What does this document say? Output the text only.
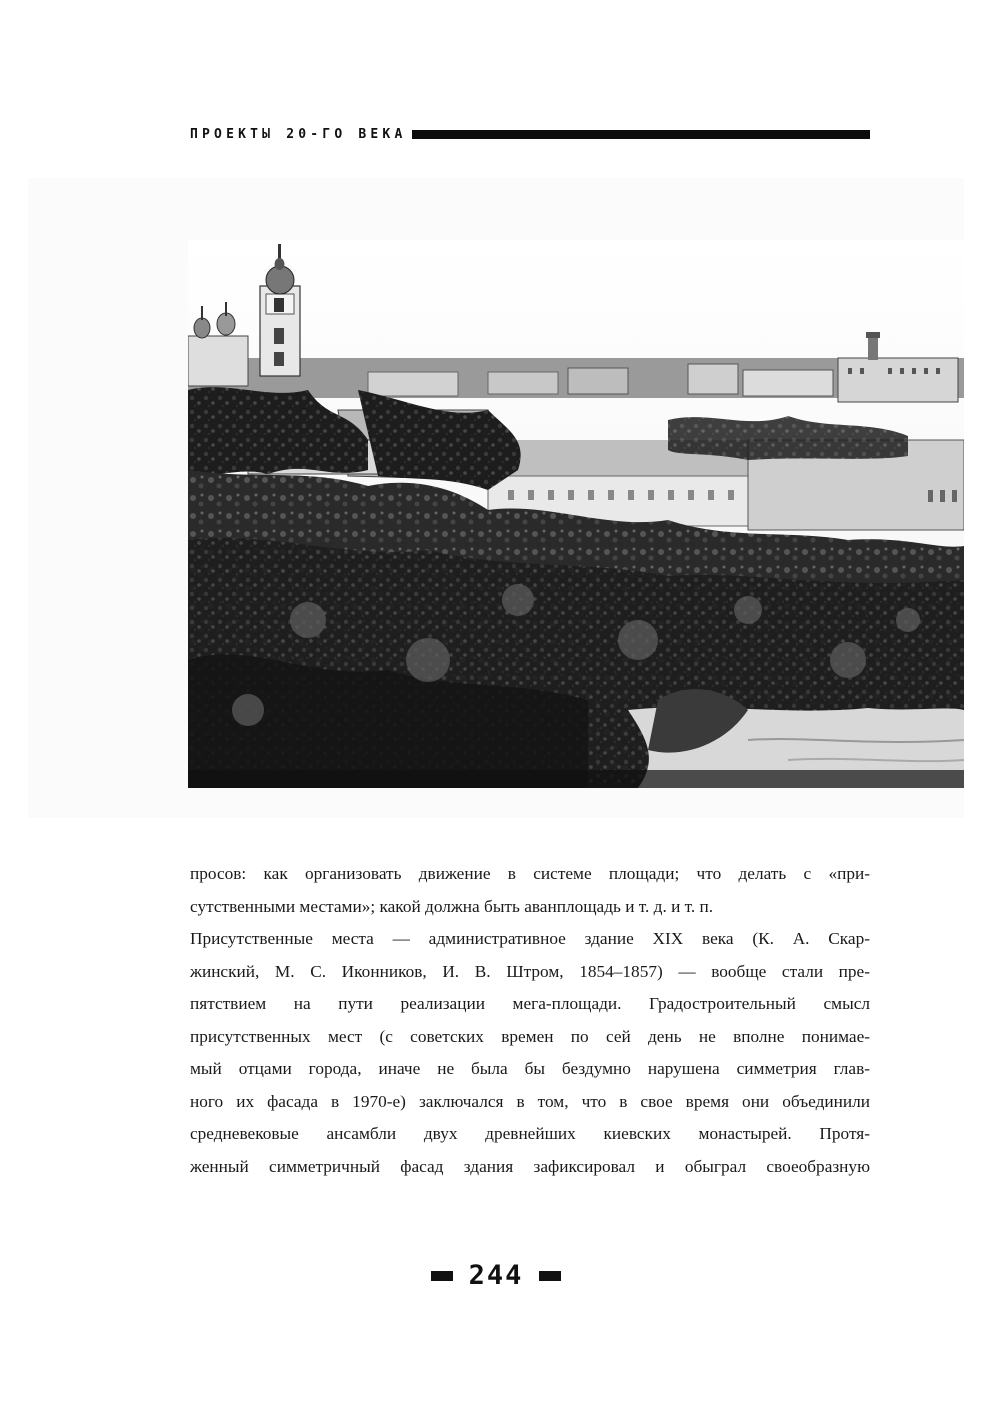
ПРОЕКТЫ 20-ГО ВЕКА
просов: как организовать движение в системе площади; что делать с «при-
сутственными местами»; какой должна быть аванплощадь и т. д. и т. п.
Присутственные места — административное здание XIX века (К. А. Скар-
жинский, М. С. Иконников, И. В. Штром, 1854–1857) — вообще стали пре-
пятствием на пути реализации мега-площади. Градостроительный смысл
присутственных мест (с советских времен по сей день не вполне понимае-
мый отцами города, иначе не была бы бездумно нарушена симметрия глав-
ного их фасада в 1970-е) заключался в том, что в свое время они объединили
средневековые ансамбли двух древнейших киевских монастырей. Протя-
женный симметричный фасад здания зафиксировал и обыграл своеобразную
244
